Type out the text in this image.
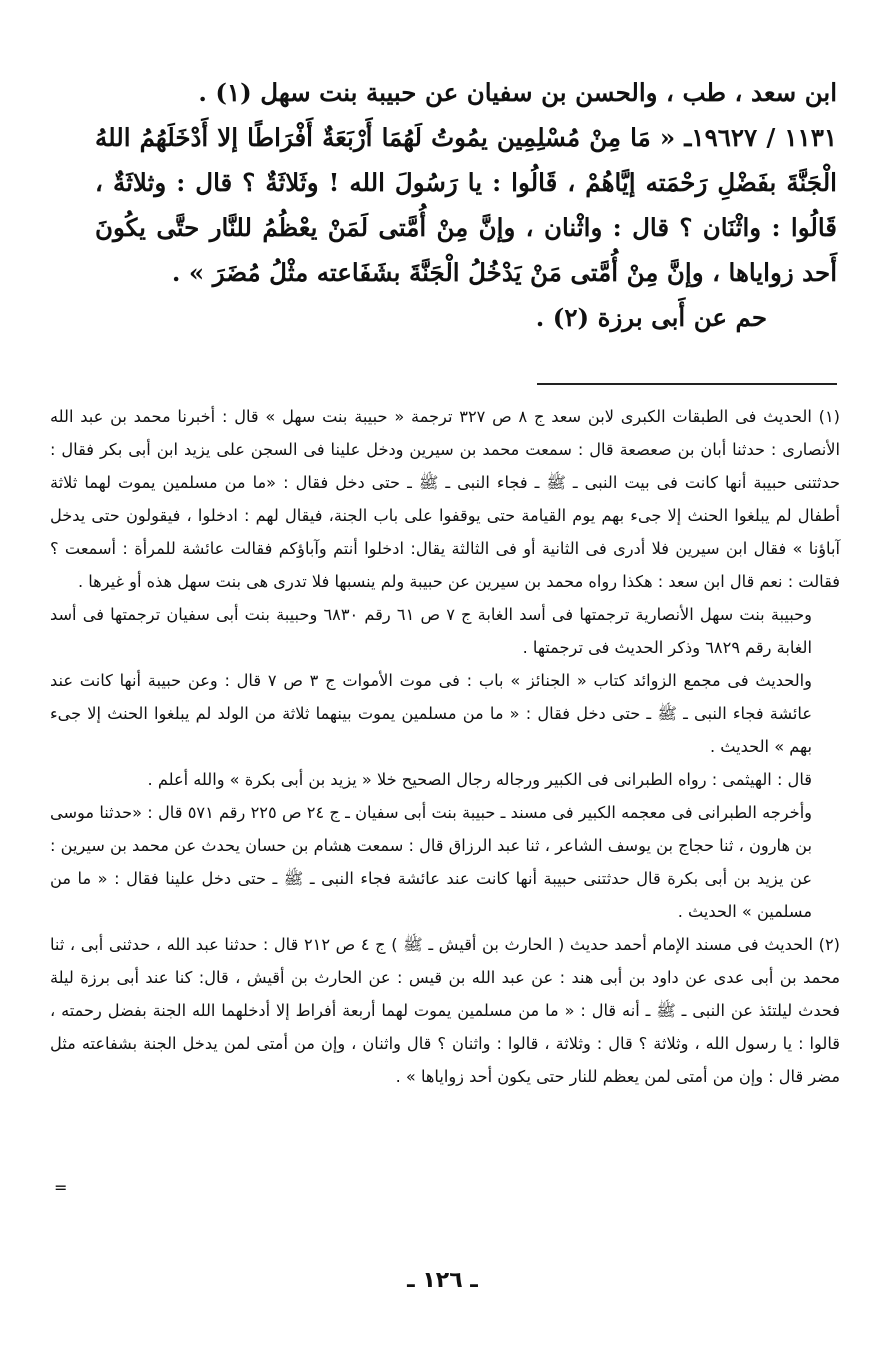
ابن سعد ، طب ، والحسن بن سفيان عن حبيبة بنت سهل (١) .

١١٣١ / ١٩٦٢٧ـ « مَا مِنْ مُسْلِمِين يمُوتُ لَهُمَا أَرْبَعَةٌ أَفْرَاطًا إلا أَدْخَلَهُمُ اللهُ الْجَنَّةَ بفَضْلِ رَحْمَته إيَّاهُمْ ، قَالُوا : يا رَسُولَ الله ! وثَلاثَةٌ ؟ قال : وثلاثَةٌ ، قَالُوا : واثْنَان ؟ قال : واثْنان ، وإنَّ مِنْ أُمَّتى لَمَنْ يعْظُمُ للنَّار حتَّى يكُونَ أَحد زواياها ، وإنَّ مِنْ أُمَّتى مَنْ يَدْخُلُ الْجَنَّةَ بشَفَاعته مثْلُ مُضَرَ » .

حم عن أَبى برزة (٢) .

(١) الحديث فى الطبقات الكبرى لابن سعد ج ٨ ص ٣٢٧ ترجمة « حبيبة بنت سهل » قال : أخبرنا محمد بن عبد الله الأنصارى : حدثنا أبان بن صعصعة قال : سمعت محمد بن سيرين ودخل علينا فى السجن على يزيد ابن أبى بكر فقال : حدثتنى حبيبة أنها كانت فى بيت النبى ـ ﷺ ـ فجاء النبى ـ ﷺ ـ حتى دخل فقال : «ما من مسلمين يموت لهما ثلاثة أطفال لم يبلغوا الحنث إلا جىء بهم يوم القيامة حتى يوقفوا على باب الجنة، فيقال لهم : ادخلوا ، فيقولون حتى يدخل آباؤنا » فقال ابن سيرين فلا أدرى فى الثانية أو فى الثالثة يقال: ادخلوا أنتم وآباؤكم فقالت عائشة للمرأة : أسمعت ؟ فقالت : نعم قال ابن سعد : هكذا رواه محمد بن سيرين عن حبيبة ولم ينسبها فلا تدرى هى بنت سهل هذه أو غيرها .

وحبيبة بنت سهل الأنصارية ترجمتها فى أسد الغابة ج ٧ ص ٦١ رقم ٦٨٣٠ وحبيبة بنت أبى سفيان ترجمتها فى أسد الغابة رقم ٦٨٢٩ وذكر الحديث فى ترجمتها .

والحديث فى مجمع الزوائد كتاب « الجنائز » باب : فى موت الأموات ج ٣ ص ٧ قال : وعن حبيبة أنها كانت عند عائشة فجاء النبى ـ ﷺ ـ حتى دخل فقال : « ما من مسلمين يموت بينهما ثلاثة من الولد لم يبلغوا الحنث إلا جىء بهم » الحديث .

قال : الهيثمى : رواه الطبرانى فى الكبير ورجاله رجال الصحيح خلا « يزيد بن أبى بكرة » والله أعلم .

وأخرجه الطبرانى فى معجمه الكبير فى مسند ـ حبيبة بنت أبى سفيان ـ ج ٢٤ ص ٢٢٥ رقم ٥٧١ قال : «حدثنا موسى بن هارون ، ثنا حجاج بن يوسف الشاعر ، ثنا عبد الرزاق قال : سمعت هشام بن حسان يحدث عن محمد بن سيرين : عن يزيد بن أبى بكرة قال حدثتنى حبيبة أنها كانت عند عائشة فجاء النبى ـ ﷺ ـ حتى دخل علينا فقال : « ما من مسلمين » الحديث .

(٢) الحديث فى مسند الإمام أحمد حديث ( الحارث بن أقيش ـ ﷺ ) ج ٤ ص ٢١٢ قال : حدثنا عبد الله ، حدثنى أبى ، ثنا محمد بن أبى عدى عن داود بن أبى هند : عن عبد الله بن قيس : عن الحارث بن أقيش ، قال: كنا عند أبى برزة ليلة فحدث ليلتئذ عن النبى ـ ﷺ ـ أنه قال : « ما من مسلمين يموت لهما أربعة أفراط إلا أدخلهما الله الجنة بفضل رحمته ، قالوا : يا رسول الله ، وثلاثة ؟ قال : وثلاثة ، قالوا : واثنان ؟ قال واثنان ، وإن من أمتى لمن يدخل الجنة بشفاعته مثل مضر قال : وإن من أمتى لمن يعظم للنار حتى يكون أحد زواياها » .

=
ـ ١٢٦ ـ
